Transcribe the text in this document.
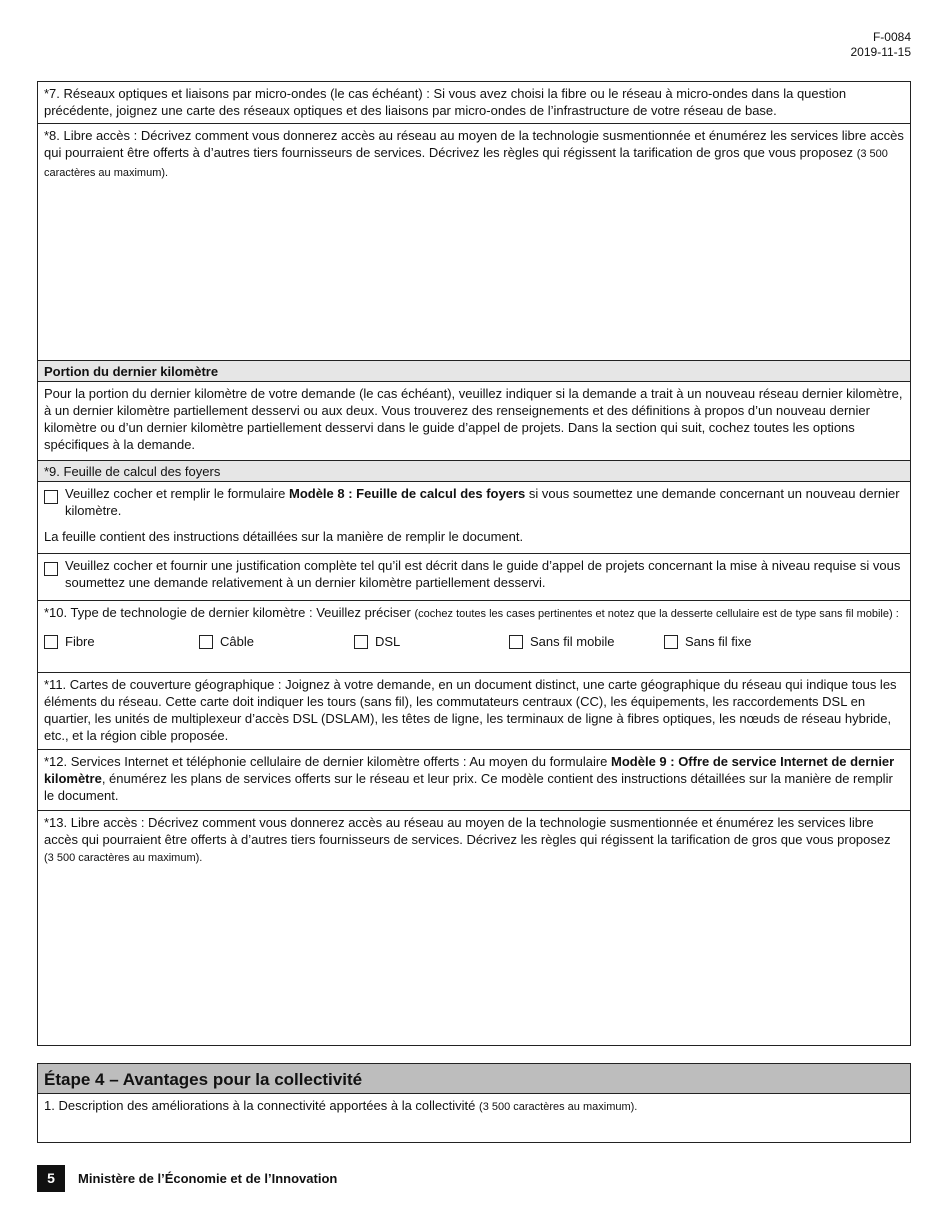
F-0084
2019-11-15
*7. Réseaux optiques et liaisons par micro-ondes (le cas échéant) : Si vous avez choisi la fibre ou le réseau à micro-ondes dans la question précédente, joignez une carte des réseaux optiques et des liaisons par micro-ondes de l’infrastructure de votre réseau de base.
*8. Libre accès : Décrivez comment vous donnerez accès au réseau au moyen de la technologie susmentionnée et énumérez les services libre accès qui pourraient être offerts à d’autres tiers fournisseurs de services. Décrivez les règles qui régissent la tarification de gros que vous proposez (3 500 caractères au maximum).
Portion du dernier kilomètre
Pour la portion du dernier kilomètre de votre demande (le cas échéant), veuillez indiquer si la demande a trait à un nouveau réseau dernier kilomètre, à un dernier kilomètre partiellement desservi ou aux deux. Vous trouverez des renseignements et des définitions à propos d’un nouveau dernier kilomètre ou d’un dernier kilomètre partiellement desservi dans le guide d’appel de projets. Dans la section qui suit, cochez toutes les options spécifiques à la demande.
*9. Feuille de calcul des foyers
Veuillez cocher et remplir le formulaire Modèle 8 : Feuille de calcul des foyers si vous soumettez une demande concernant un nouveau dernier kilomètre.
La feuille contient des instructions détaillées sur la manière de remplir le document.
Veuillez cocher et fournir une justification complète tel qu’il est décrit dans le guide d’appel de projets concernant la mise à niveau requise si vous soumettez une demande relativement à un dernier kilomètre partiellement desservi.
*10. Type de technologie de dernier kilomètre : Veuillez préciser (cochez toutes les cases pertinentes et notez que la desserte cellulaire est de type sans fil mobile) :
Fibre	Câble	DSL	Sans fil mobile	Sans fil fixe
*11. Cartes de couverture géographique : Joignez à votre demande, en un document distinct, une carte géographique du réseau qui indique tous les éléments du réseau. Cette carte doit indiquer les tours (sans fil), les commutateurs centraux (CC), les équipements, les raccordements DSL en quartier, les unités de multiplexeur d’accès DSL (DSLAM), les têtes de ligne, les terminaux de ligne à fibres optiques, les nœuds de réseau hybride, etc., et la région cible proposée.
*12. Services Internet et téléphonie cellulaire de dernier kilomètre offerts : Au moyen du formulaire Modèle 9 : Offre de service Internet de dernier kilomètre, énumérez les plans de services offerts sur le réseau et leur prix. Ce modèle contient des instructions détaillées sur la manière de remplir le document.
*13. Libre accès : Décrivez comment vous donnerez accès au réseau au moyen de la technologie susmentionnée et énumérez les services libre accès qui pourraient être offerts à d’autres tiers fournisseurs de services. Décrivez les règles qui régissent la tarification de gros que vous proposez (3 500 caractères au maximum).
Étape 4 – Avantages pour la collectivité
1. Description des améliorations à la connectivité apportées à la collectivité (3 500 caractères au maximum).
5	Ministère de l’Économie et de l’Innovation
